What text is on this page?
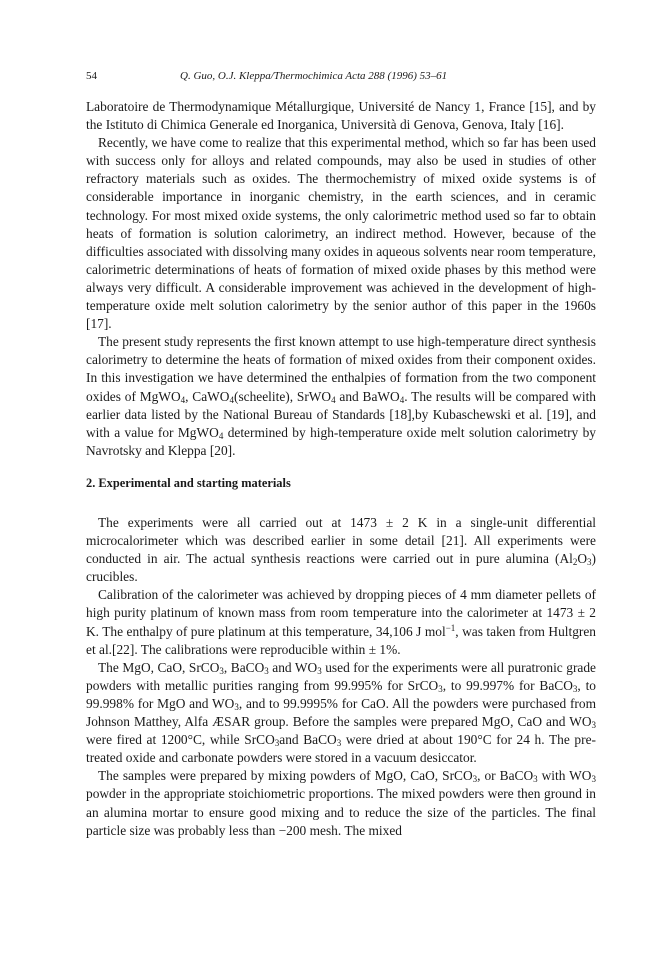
54	Q. Guo, O.J. Kleppa/Thermochimica Acta 288 (1996) 53–61

Laboratoire de Thermodynamique Métallurgique, Université de Nancy 1, France [15], and by the Istituto di Chimica Generale ed Inorganica, Università di Genova, Genova, Italy [16].

Recently, we have come to realize that this experimental method, which so far has been used with success only for alloys and related compounds, may also be used in studies of other refractory materials such as oxides. The thermochemistry of mixed oxide systems is of considerable importance in inorganic chemistry, in the earth sciences, and in ceramic technology. For most mixed oxide systems, the only calorimetric method used so far to obtain heats of formation is solution calorimetry, an indirect method. However, because of the difficulties associated with dissolving many oxides in aqueous solvents near room temperature, calorimetric determinations of heats of formation of mixed oxide phases by this method were always very difficult. A considerable improvement was achieved in the development of high-temperature oxide melt solution calorimetry by the senior author of this paper in the 1960s [17].

The present study represents the first known attempt to use high-temperature direct synthesis calorimetry to determine the heats of formation of mixed oxides from their component oxides. In this investigation we have determined the enthalpies of formation from the two component oxides of MgWO$_4$, CaWO$_4$(scheelite), SrWO$_4$ and BaWO$_4$. The results will be compared with earlier data listed by the National Bureau of Standards [18],by Kubaschewski et al. [19], and with a value for MgWO$_4$ determined by high-temperature oxide melt solution calorimetry by Navrotsky and Kleppa [20].

2. Experimental and starting materials

The experiments were all carried out at 1473 ± 2 K in a single-unit differential microcalorimeter which was described earlier in some detail [21]. All experiments were conducted in air. The actual synthesis reactions were carried out in pure alumina $(Al_2O_3)$ crucibles.

Calibration of the calorimeter was achieved by dropping pieces of 4 mm diameter pellets of high purity platinum of known mass from room temperature into the calorimeter at 1473 ± 2 K. The enthalpy of pure platinum at this temperature, 34,106 J mol$^{-1}$, was taken from Hultgren et al.[22]. The calibrations were reproducible within ± 1%.

The MgO, CaO, SrCO$_3$, BaCO$_3$ and $WO_3$ used for the experiments were all puratronic grade powders with metallic purities ranging from 99.995% for SrCO$_3$, to 99.997% for BaCO$_3$, to 99.998% for MgO and $WO_3$, and to 99.9995% for CaO. All the powders were purchased from Johnson Matthey, Alfa ÆSAR group. Before the samples were prepared MgO, CaO and $WO_3$ were fired at 1200°C, while SrCO$_3$and BaCO$_3$ were dried at about 190°C for 24 h. The pre-treated oxide and carbonate powders were stored in a vacuum desiccator.

The samples were prepared by mixing powders of MgO, CaO, SrCO$_3$, or BaCO$_3$ with $WO_3$ powder in the appropriate stoichiometric proportions. The mixed powders were then ground in an alumina mortar to ensure good mixing and to reduce the size of the particles. The final particle size was probably less than −200 mesh. The mixed
